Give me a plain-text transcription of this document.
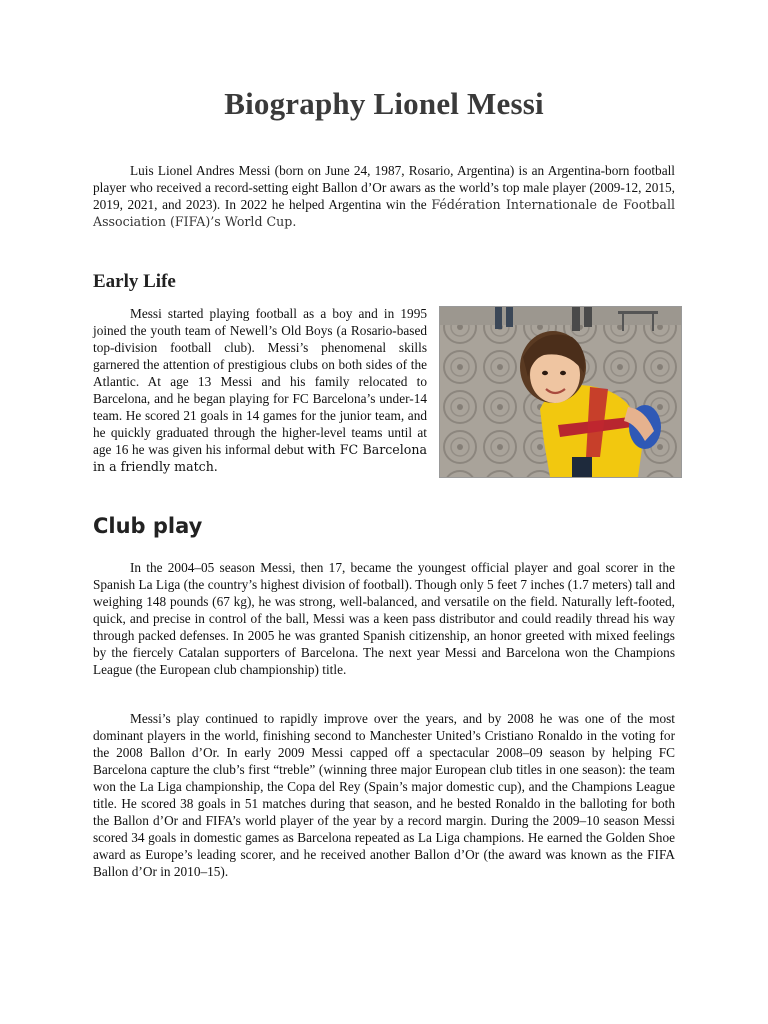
Biography Lionel Messi

Luis Lionel Andres Messi (born on June 24, 1987, Rosario, Argentina) is an Argentina-born football player who received a record-setting eight Ballon d’Or awars as the world’s top male player (2009-12, 2015, 2019, 2021, and 2023). In 2022 he helped Argentina win the Fédération Internationale de Football Association (FIFA)’s World Cup.

Early Life

Messi started playing football as a boy and in 1995 joined the youth team of Newell’s Old Boys (a Rosario-based top-division football club). Messi’s phenomenal skills garnered the attention of prestigious clubs on both sides of the Atlantic. At age 13 Messi and his family relocated to Barcelona, and he began playing for FC Barcelona’s under-14 team. He scored 21 goals in 14 games for the junior team, and he quickly graduated through the higher-level teams until at age 16 he was given his informal debut with FC Barcelona in a friendly match.

Club play

In the 2004–05 season Messi, then 17, became the youngest official player and goal scorer in the Spanish La Liga (the country’s highest division of football). Though only 5 feet 7 inches (1.7 meters) tall and weighing 148 pounds (67 kg), he was strong, well-balanced, and versatile on the field. Naturally left-footed, quick, and precise in control of the ball, Messi was a keen pass distributor and could readily thread his way through packed defenses. In 2005 he was granted Spanish citizenship, an honor greeted with mixed feelings by the fiercely Catalan supporters of Barcelona. The next year Messi and Barcelona won the Champions League (the European club championship) title.

Messi’s play continued to rapidly improve over the years, and by 2008 he was one of the most dominant players in the world, finishing second to Manchester United’s Cristiano Ronaldo in the voting for the 2008 Ballon d’Or. In early 2009 Messi capped off a spectacular 2008–09 season by helping FC Barcelona capture the club’s first “treble” (winning three major European club titles in one season): the team won the La Liga championship, the Copa del Rey (Spain’s major domestic cup), and the Champions League title. He scored 38 goals in 51 matches during that season, and he bested Ronaldo in the balloting for both the Ballon d’Or and FIFA’s world player of the year by a record margin. During the 2009–10 season Messi scored 34 goals in domestic games as Barcelona repeated as La Liga champions. He earned the Golden Shoe award as Europe’s leading scorer, and he received another Ballon d’Or (the award was known as the FIFA Ballon d’Or in 2010–15).
